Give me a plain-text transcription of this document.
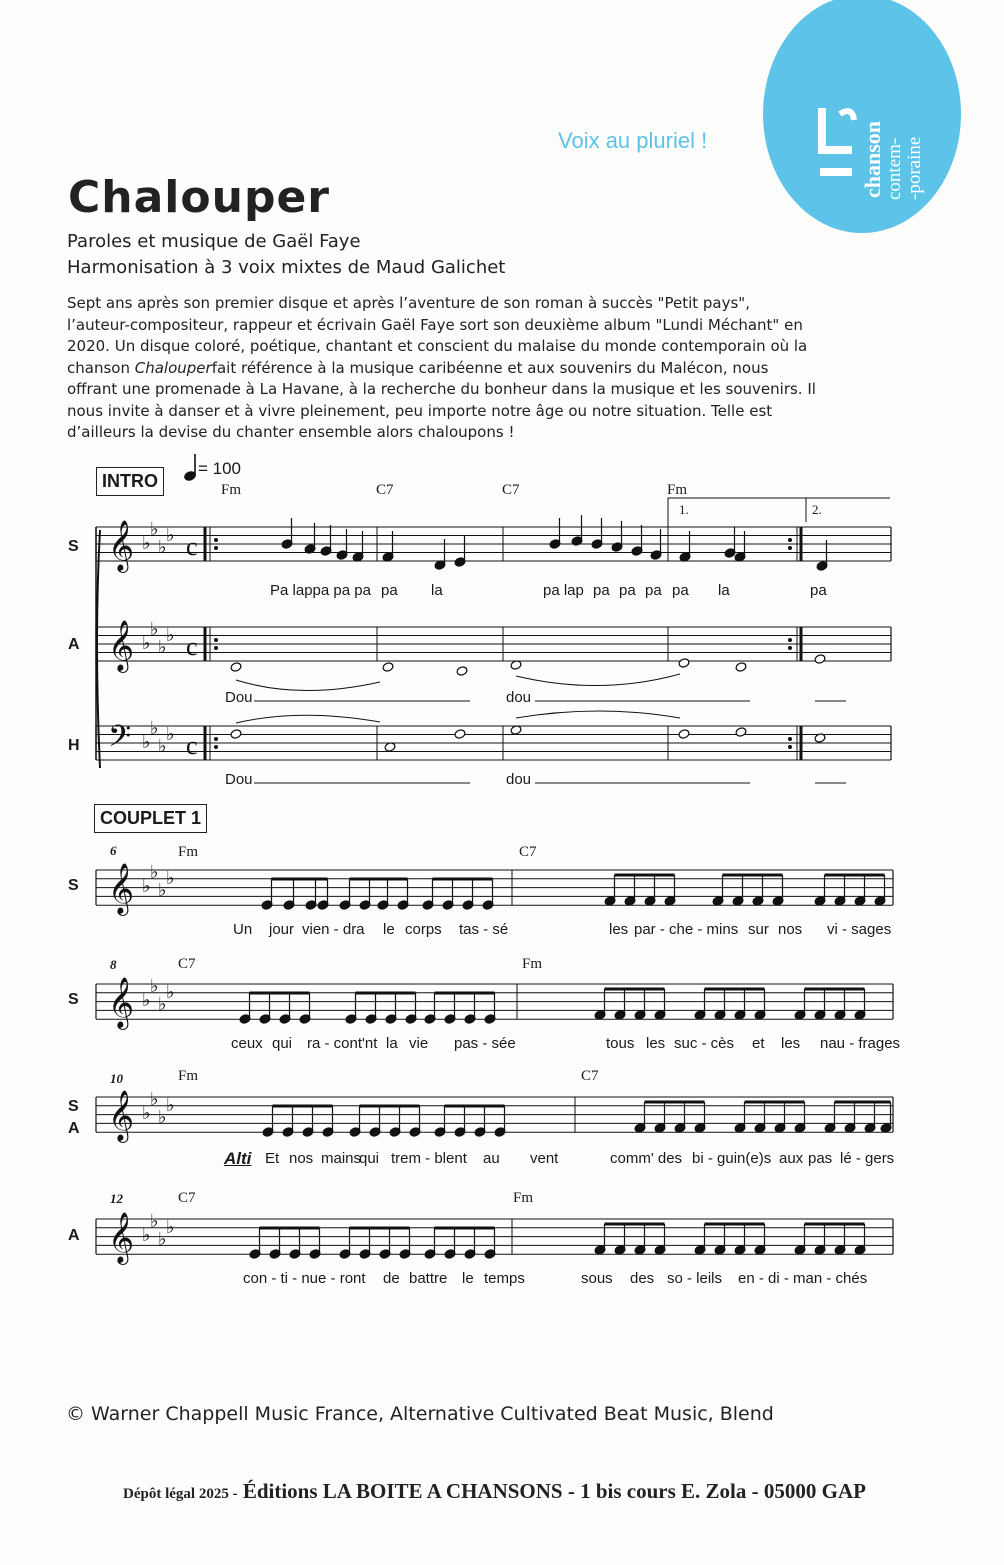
chanson contem- -poraine
Voix au pluriel !
Chalouper
Paroles et musique de Gaël Faye
Harmonisation à 3 voix mixtes de Maud Galichet
Sept ans après son premier disque et après l’aventure de son roman à succès "Petit pays",
l’auteur-compositeur, rappeur et écrivain Gaël Faye sort son deuxième album "Lundi Méchant" en
2020. Un disque coloré, poétique, chantant et conscient du malaise du monde contemporain où la
chanson Chalouperfait référence à la musique caribéenne et aux souvenirs du Malécon, nous
offrant une promenade à La Havane, à la recherche du bonheur dans la musique et les souvenirs. Il
nous invite à danser et à vivre pleinement, peu importe notre âge ou notre situation. Telle est
d’ailleurs la devise du chanter ensemble alors chaloupons !
INTRO
= 100
Fm	C7	C7	Fm
1.	2.
S
A
H
Pa lappa pa pa pa la	pa lap pa pa pa pa la	pa
Dou	dou
Dou	dou
COUPLET 1
6
S
Fm	C7
Un jour vien - dra le corps tas - sé	les par - che - mins sur nos vi - sages
8
S
C7	Fm
ceux qui ra - cont'nt la vie pas - sée	tous les suc - cès et les nau - frages
10
S
A
Fm	C7
Alti Et nos mains
qui trem - blent au vent	comm' des bi - guin(e)s aux pas lé - gers
12
A
C7	Fm
con - ti - nue - ront de battre le temps	sous des so - leils en - di - man - chés
𝄞 ♭
♭
♭
♭ c
𝄞 ♭
♭
♭
♭ c
𝄢 ♭
♭
♭
♭ c
𝄞 ♭
♭
♭
♭
𝄞 ♭
♭
♭
♭
𝄞 ♭
♭
♭
♭
𝄞 ♭
♭
♭
♭
© Warner Chappell Music France, Alternative Cultivated Beat Music, Blend
Dépôt légal 2025 - Éditions LA BOITE A CHANSONS - 1 bis cours E. Zola - 05000 GAP
